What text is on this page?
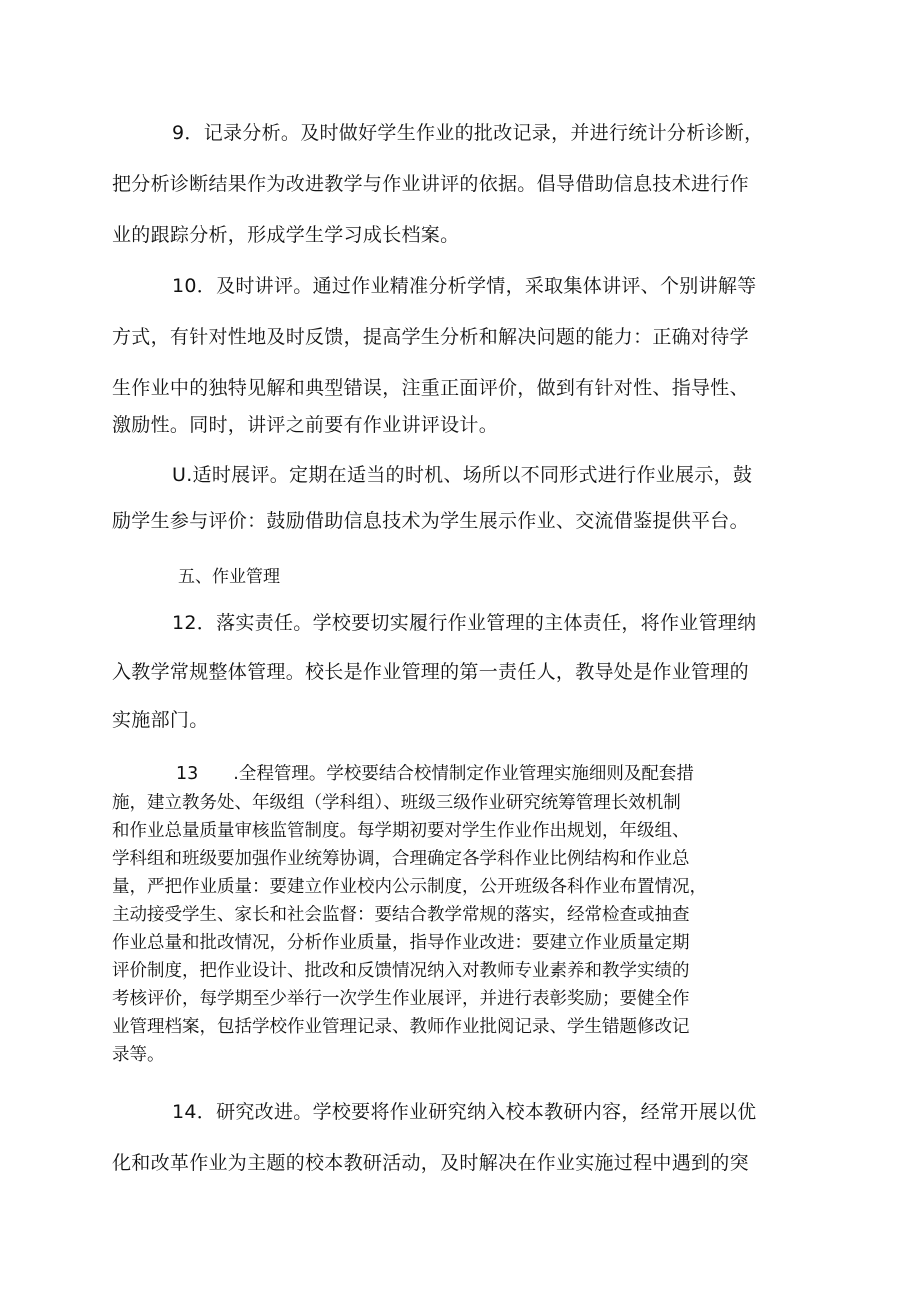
9．记录分析。及时做好学生作业的批改记录，并进行统计分析诊断，
把分析诊断结果作为改进教学与作业讲评的依据。倡导借助信息技术进行作
业的跟踪分析，形成学生学习成长档案。
10．及时讲评。通过作业精准分析学情，采取集体讲评、个别讲解等
方式，有针对性地及时反馈，提高学生分析和解决问题的能力：正确对待学
生作业中的独特见解和典型错误，注重正面评价，做到有针对性、指导性、
激励性。同时，讲评之前要有作业讲评设计。
U.适时展评。定期在适当的时机、场所以不同形式进行作业展示，鼓
励学生参与评价：鼓励借助信息技术为学生展示作业、交流借鉴提供平台。
五、作业管理
12．落实责任。学校要切实履行作业管理的主体责任，将作业管理纳
入教学常规整体管理。校长是作业管理的第一责任人，教导处是作业管理的
实施部门。
13　　.全程管理。学校要结合校情制定作业管理实施细则及配套措
施，建立教务处、年级组（学科组）、班级三级作业研究统筹管理长效机制
和作业总量质量审核监管制度。每学期初要对学生作业作出规划，年级组、
学科组和班级要加强作业统筹协调，合理确定各学科作业比例结构和作业总
量，严把作业质量：要建立作业校内公示制度，公开班级各科作业布置情况，
主动接受学生、家长和社会监督：要结合教学常规的落实，经常检查或抽查
作业总量和批改情况，分析作业质量，指导作业改进：要建立作业质量定期
评价制度，把作业设计、批改和反馈情况纳入对教师专业素养和教学实绩的
考核评价，每学期至少举行一次学生作业展评，并进行表彰奖励；要健全作
业管理档案，包括学校作业管理记录、教师作业批阅记录、学生错题修改记
录等。
14．研究改进。学校要将作业研究纳入校本教研内容，经常开展以优
化和改革作业为主题的校本教研活动，及时解决在作业实施过程中遇到的突
